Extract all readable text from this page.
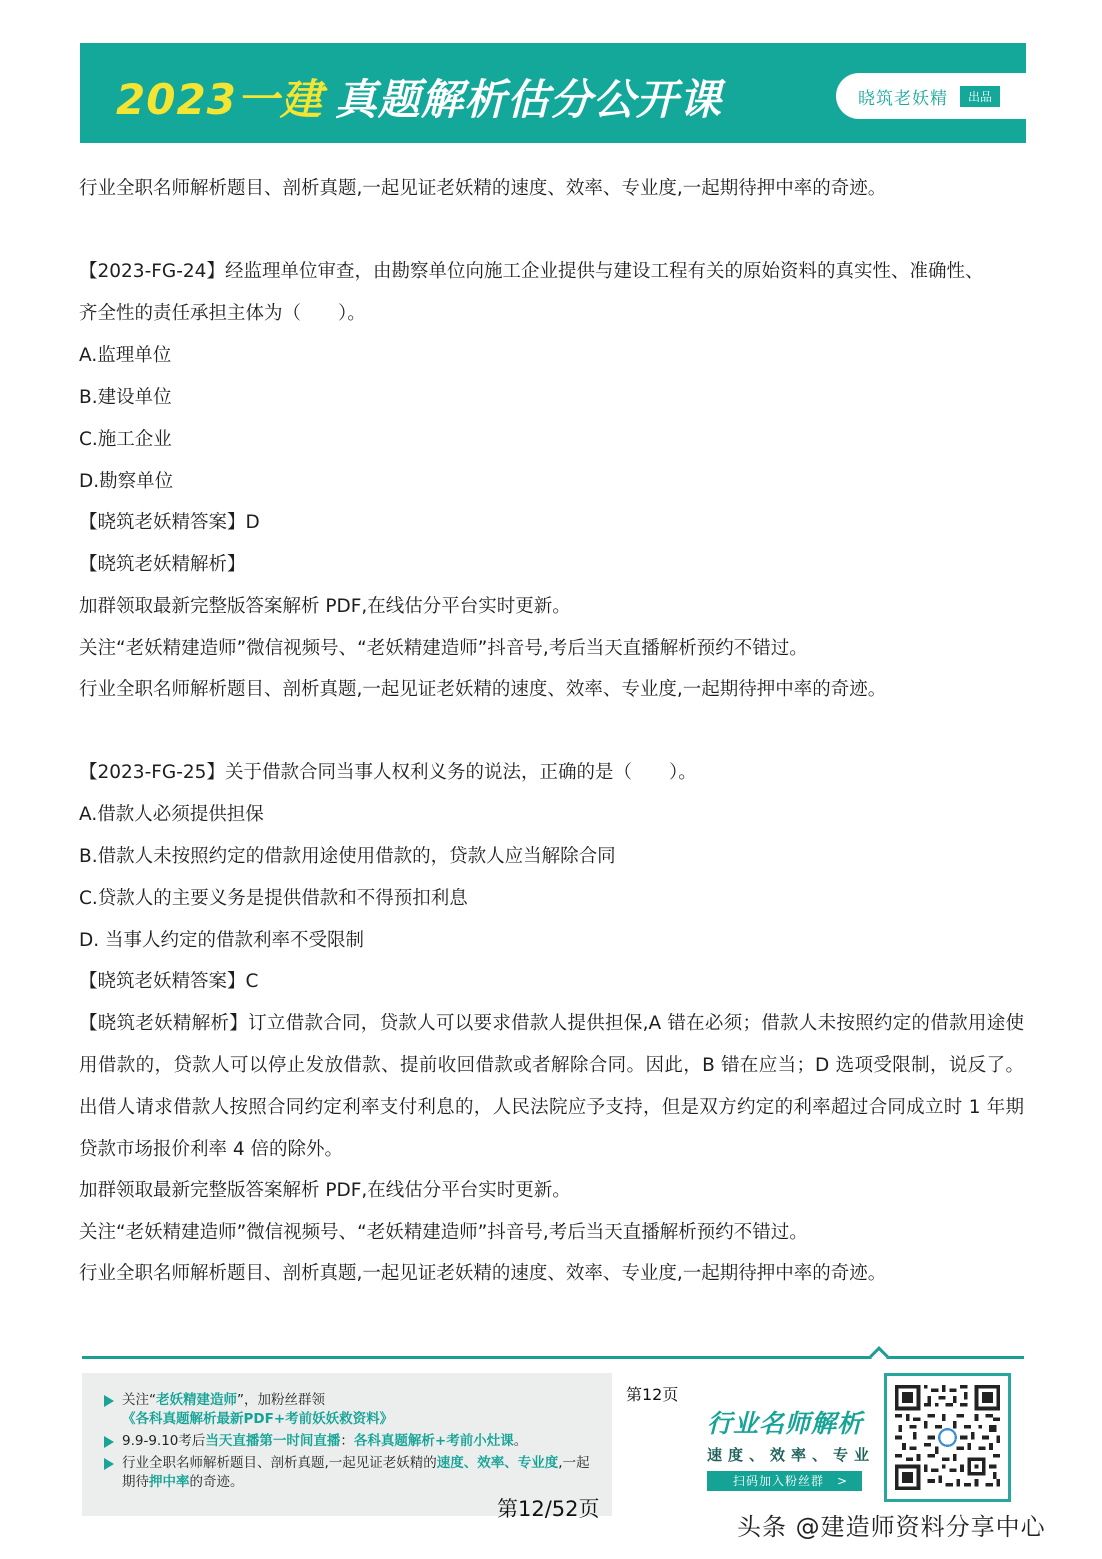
2023一建 真题解析估分公开课	晓筑老妖精	出品
行业全职名师解析题目、剖析真题,一起见证老妖精的速度、效率、专业度,一起期待押中率的奇迹。
【2023-FG-24】经监理单位审查，由勘察单位向施工企业提供与建设工程有关的原始资料的真实性、准确性、
齐全性的责任承担主体为（　　）。
A.监理单位
B.建设单位
C.施工企业
D.勘察单位
【晓筑老妖精答案】D
【晓筑老妖精解析】
加群领取最新完整版答案解析 PDF,在线估分平台实时更新。
关注“老妖精建造师”微信视频号、“老妖精建造师”抖音号,考后当天直播解析预约不错过。
行业全职名师解析题目、剖析真题,一起见证老妖精的速度、效率、专业度,一起期待押中率的奇迹。
【2023-FG-25】关于借款合同当事人权利义务的说法，正确的是（　　）。
A.借款人必须提供担保
B.借款人未按照约定的借款用途使用借款的，贷款人应当解除合同
C.贷款人的主要义务是提供借款和不得预扣利息
D. 当事人约定的借款利率不受限制
【晓筑老妖精答案】C
【晓筑老妖精解析】订立借款合同，贷款人可以要求借款人提供担保,A 错在必须；借款人未按照约定的借款用途使用借款的，贷款人可以停止发放借款、提前收回借款或者解除合同。因此，B 错在应当；D 选项受限制，说反了。出借人请求借款人按照合同约定利率支付利息的，人民法院应予支持，但是双方约定的利率超过合同成立时 1 年期贷款市场报价利率 4 倍的除外。
加群领取最新完整版答案解析 PDF,在线估分平台实时更新。
关注“老妖精建造师”微信视频号、“老妖精建造师”抖音号,考后当天直播解析预约不错过。
行业全职名师解析题目、剖析真题,一起见证老妖精的速度、效率、专业度,一起期待押中率的奇迹。
关注“老妖精建造师”，加粉丝群领《各科真题解析最新PDF+考前妖妖救资料》
9.9-9.10考后当天直播第一时间直播：各科真题解析+考前小灶课。
行业全职名师解析题目、剖析真题,一起见证老妖精的速度、效率、专业度,一起期待押中率的奇迹。
第12页
第12/52页
行业名师解析
速度、效率、专业
扫码加入粉丝群　>
头条 @建造师资料分享中心
